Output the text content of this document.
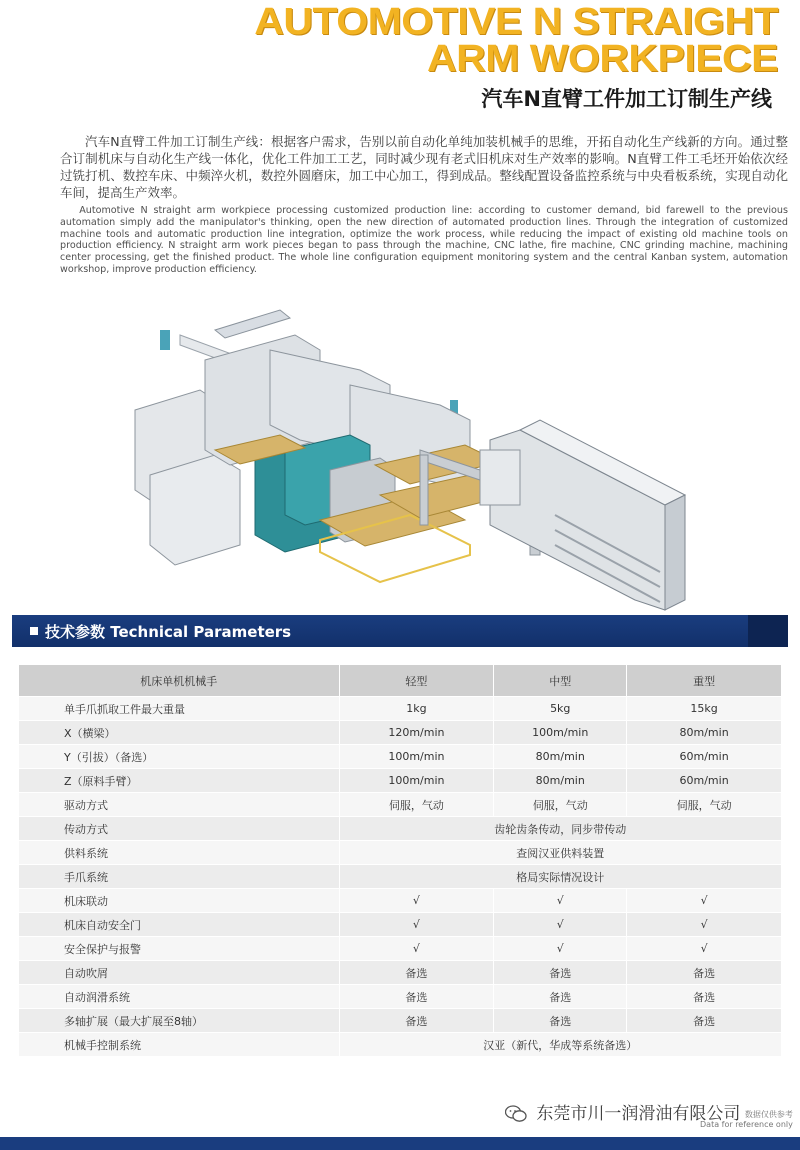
AUTOMOTIVE N STRAIGHT
ARM WORKPIECE
汽车N直臂工件加工订制生产线

汽车N直臂工件加工订制生产线：根据客户需求，告别以前自动化单纯加装机械手的思维，开拓自动化生产线新的方向。通过整合订制机床与自动化生产线一体化，优化工件加工工艺，同时减少现有老式旧机床对生产效率的影响。N直臂工件工毛坯开始依次经过铣打机、数控车床、中频淬火机，数控外圆磨床，加工中心加工，得到成品。整线配置设备监控系统与中央看板系统，实现自动化车间，提高生产效率。

Automotive N straight arm workpiece processing customized production line: according to customer demand, bid farewell to the previous automation simply add the manipulator's thinking, open the new direction of automated production lines. Through the integration of customized machine tools and automatic production line integration, optimize the work process, while reducing the impact of existing old machine tools on production efficiency. N straight arm work pieces began to pass through the machine, CNC lathe, fire machine, CNC grinding machine, machining center processing, get the finished product. The whole line configuration equipment monitoring system and the central Kanban system, automation workshop, improve production efficiency.

技术参数 Technical Parameters
机床单机机械手	轻型	中型	重型
单手爪抓取工件最大重量	1kg	5kg	15kg
X（横梁）	120m/min	100m/min	80m/min
Y（引拔）（备选）	100m/min	80m/min	60m/min
Z（原料手臂）	100m/min	80m/min	60m/min
驱动方式	伺服，气动	伺服，气动	伺服，气动
传动方式	齿轮齿条传动，同步带传动		
供料系统	查阅汉亚供料装置		
手爪系统	格局实际情况设计		
机床联动	√	√	√
机床自动安全门	√	√	√
安全保护与报警	√	√	√
自动吹屑	备选	备选	备选
自动润滑系统	备选	备选	备选
多轴扩展（最大扩展至8轴）	备选	备选	备选
机械手控制系统	汉亚（新代，华成等系统备选）		
东莞市川一润滑油有限公司 数据仅供参考
Data for reference only
